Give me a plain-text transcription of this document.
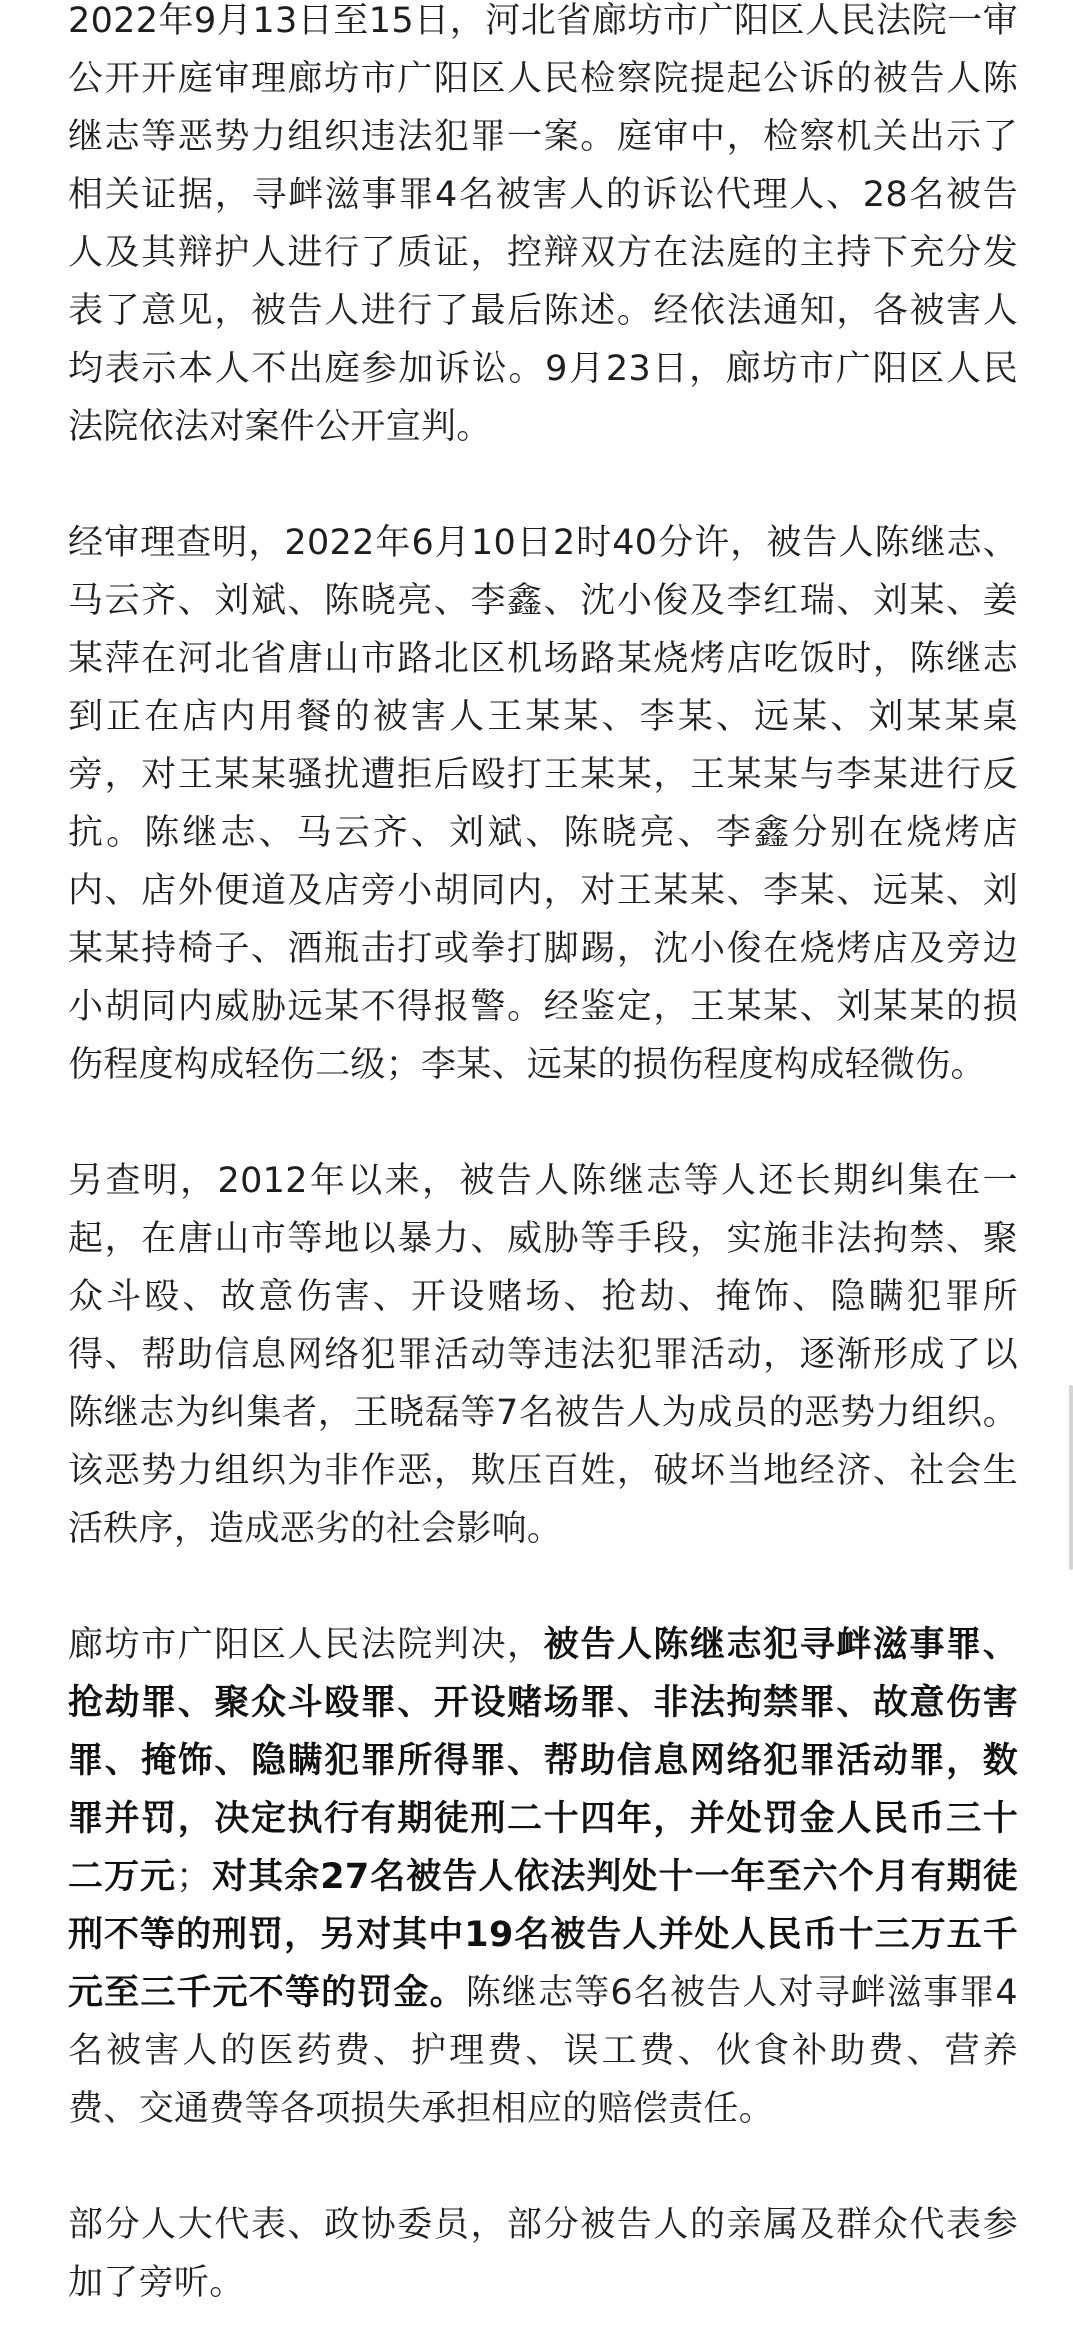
2022年9月13日至15日，河北省廊坊市广阳区人民法院一审公开开庭审理廊坊市广阳区人民检察院提起公诉的被告人陈继志等恶势力组织违法犯罪一案。庭审中，检察机关出示了相关证据，寻衅滋事罪4名被害人的诉讼代理人、28名被告人及其辩护人进行了质证，控辩双方在法庭的主持下充分发表了意见，被告人进行了最后陈述。经依法通知，各被害人均表示本人不出庭参加诉讼。9月23日，廊坊市广阳区人民法院依法对案件公开宣判。

经审理查明，2022年6月10日2时40分许，被告人陈继志、马云齐、刘斌、陈晓亮、李鑫、沈小俊及李红瑞、刘某、姜某萍在河北省唐山市路北区机场路某烧烤店吃饭时，陈继志到正在店内用餐的被害人王某某、李某、远某、刘某某桌旁，对王某某骚扰遭拒后殴打王某某，王某某与李某进行反抗。陈继志、马云齐、刘斌、陈晓亮、李鑫分别在烧烤店内、店外便道及店旁小胡同内，对王某某、李某、远某、刘某某持椅子、酒瓶击打或拳打脚踢，沈小俊在烧烤店及旁边小胡同内威胁远某不得报警。经鉴定，王某某、刘某某的损伤程度构成轻伤二级；李某、远某的损伤程度构成轻微伤。

另查明，2012年以来，被告人陈继志等人还长期纠集在一起，在唐山市等地以暴力、威胁等手段，实施非法拘禁、聚众斗殴、故意伤害、开设赌场、抢劫、掩饰、隐瞒犯罪所得、帮助信息网络犯罪活动等违法犯罪活动，逐渐形成了以陈继志为纠集者，王晓磊等7名被告人为成员的恶势力组织。该恶势力组织为非作恶，欺压百姓，破坏当地经济、社会生活秩序，造成恶劣的社会影响。

廊坊市广阳区人民法院判决，被告人陈继志犯寻衅滋事罪、抢劫罪、聚众斗殴罪、开设赌场罪、非法拘禁罪、故意伤害罪、掩饰、隐瞒犯罪所得罪、帮助信息网络犯罪活动罪，数罪并罚，决定执行有期徒刑二十四年，并处罚金人民币三十二万元；对其余27名被告人依法判处十一年至六个月有期徒刑不等的刑罚，另对其中19名被告人并处人民币十三万五千元至三千元不等的罚金。陈继志等6名被告人对寻衅滋事罪4名被害人的医药费、护理费、误工费、伙食补助费、营养费、交通费等各项损失承担相应的赔偿责任。

部分人大代表、政协委员，部分被告人的亲属及群众代表参加了旁听。
